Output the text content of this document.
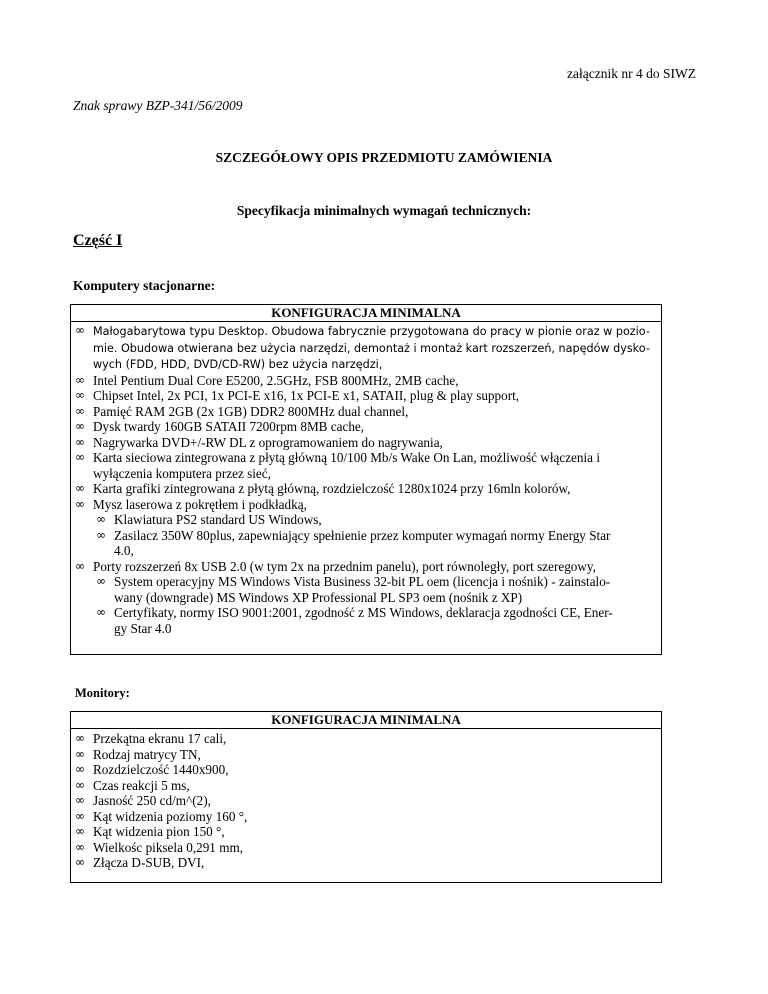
załącznik nr 4 do SIWZ
Znak sprawy BZP-341/56/2009
SZCZEGÓŁOWY OPIS PRZEDMIOTU ZAMÓWIENIA
Specyfikacja minimalnych wymagań technicznych:
Część I
Komputery stacjonarne:
KONFIGURACJA MINIMALNA
∞ Małogabarytowa typu Desktop. Obudowa fabrycznie przygotowana do pracy w pionie oraz w pozio-
mie. Obudowa otwierana bez użycia narzędzi, demontaż i montaż kart rozszerzeń, napędów dysko-
wych (FDD, HDD, DVD/CD-RW) bez użycia narzędzi,
∞ Intel Pentium Dual Core E5200, 2.5GHz, FSB 800MHz, 2MB cache,
∞ Chipset Intel, 2x PCI, 1x PCI-E x16, 1x PCI-E x1, SATAII, plug & play support,
∞ Pamięć RAM 2GB (2x 1GB) DDR2 800MHz dual channel,
∞ Dysk twardy 160GB SATAII 7200rpm 8MB cache,
∞ Nagrywarka DVD+/-RW DL z oprogramowaniem do nagrywania,
∞ Karta sieciowa zintegrowana z płytą główną 10/100 Mb/s Wake On Lan, możliwość włączenia i
wyłączenia komputera przez sieć,
∞ Karta grafiki zintegrowana z płytą główną, rozdzielczość 1280x1024 przy 16mln kolorów,
∞ Mysz laserowa z pokrętłem i podkładką,
∞ Klawiatura PS2 standard US Windows,
∞ Zasilacz 350W 80plus, zapewniający spełnienie przez komputer wymagań normy Energy Star
4.0,
∞ Porty rozszerzeń 8x USB 2.0 (w tym 2x na przednim panelu), port równoległy, port szeregowy,
∞ System operacyjny MS Windows Vista Business 32-bit PL oem (licencja i nośnik) - zainstalo-
wany (downgrade) MS Windows XP Professional PL SP3 oem (nośnik z XP)
∞ Certyfikaty, normy ISO 9001:2001, zgodność z MS Windows, deklaracja zgodności CE, Ener-
gy Star 4.0
Monitory:
KONFIGURACJA MINIMALNA
∞ Przekątna ekranu 17 cali,
∞ Rodzaj matrycy TN,
∞ Rozdzielczość 1440x900,
∞ Czas reakcji 5 ms,
∞ Jasność 250 cd/m^(2),
∞ Kąt widzenia poziomy 160 °,
∞ Kąt widzenia pion 150 °,
∞ Wielkośc piksela 0,291 mm,
∞ Złącza D-SUB, DVI,
